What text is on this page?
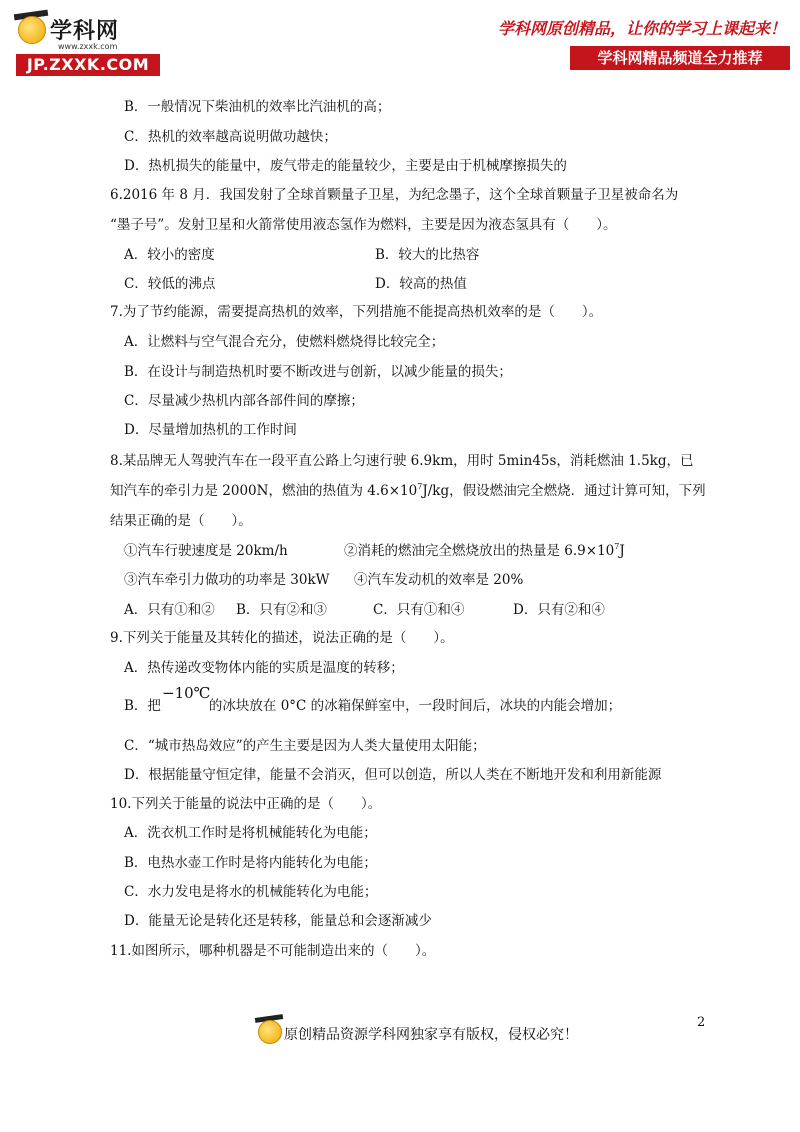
学科网
www.zxxk.com
JP.ZXXK.COM
学科网原创精品，让你的学习上课起来！
学科网精品频道全力推荐
B．一般情况下柴油机的效率比汽油机的高；
C．热机的效率越高说明做功越快；
D．热机损失的能量中，废气带走的能量较少，主要是由于机械摩擦损失的
6.2016 年 8 月．我国发射了全球首颗量子卫星，为纪念墨子，这个全球首颗量子卫星被命名为
“墨子号”。发射卫星和火箭常使用液态氢作为燃料，主要是因为液态氢具有（　　）。
A．较小的密度	B．较大的比热容
C．较低的沸点	D．较高的热值
7.为了节约能源，需要提高热机的效率，下列措施不能提高热机效率的是（　　）。
A．让燃料与空气混合充分，使燃料燃烧得比较完全；
B．在设计与制造热机时要不断改进与创新，以减少能量的损失；
C．尽量减少热机内部各部件间的摩擦；
D．尽量增加热机的工作时间
8.某品牌无人驾驶汽车在一段平直公路上匀速行驶 6.9km，用时 5min45s，消耗燃油 1.5kg，已
知汽车的牵引力是 2000N，燃油的热值为 $4.6\times 10^7J/kg$，假设燃油完全燃烧．通过计算可知，下列
结果正确的是（　　）。
①汽车行驶速度是 20km/h	②消耗的燃油完全燃烧放出的热量是 $6.9\times 10^7J$
③汽车牵引力做功的功率是 30kW ④汽车发动机的效率是 20%
A．只有①和② B．只有②和③	C．只有①和④	D．只有②和④
9.下列关于能量及其转化的描述，说法正确的是（　　）。
A．热传递改变物体内能的实质是温度的转移；
−10℃
B．把	的冰块放在 0°C 的冰箱保鲜室中，一段时间后，冰块的内能会增加；
C．“城市热岛效应”的产生主要是因为人类大量使用太阳能；
D．根据能量守恒定律，能量不会消灭，但可以创造，所以人类在不断地开发和利用新能源
10.下列关于能量的说法中正确的是（　　）。
A．洗衣机工作时是将机械能转化为电能；
B．电热水壶工作时是将内能转化为电能；
C．水力发电是将水的机械能转化为电能；
D．能量无论是转化还是转移，能量总和会逐渐减少
11.如图所示，哪种机器是不可能制造出来的（　　）。
2
原创精品资源学科网独家享有版权，侵权必究！
